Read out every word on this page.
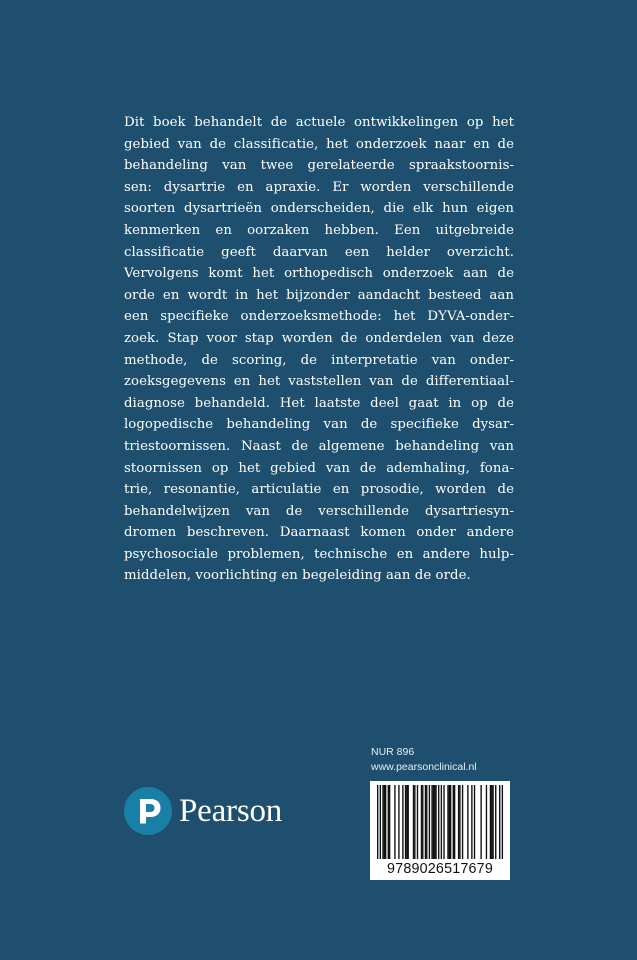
Dit boek behandelt de actuele ontwikkelingen op het
gebied van de classificatie, het onderzoek naar en de
behandeling van twee gerelateerde spraakstoornis-
sen: dysartrie en apraxie. Er worden verschillende
soorten dysartrieën onderscheiden, die elk hun eigen
kenmerken en oorzaken hebben. Een uitgebreide
classificatie geeft daarvan een helder overzicht.
Vervolgens komt het orthopedisch onderzoek aan de
orde en wordt in het bijzonder aandacht besteed aan
een specifieke onderzoeksmethode: het DYVA-onder-
zoek. Stap voor stap worden de onderdelen van deze
methode, de scoring, de interpretatie van onder-
zoeksgegevens en het vaststellen van de differentiaal-
diagnose behandeld. Het laatste deel gaat in op de
logopedische behandeling van de specifieke dysar-
triestoornissen. Naast de algemene behandeling van
stoornissen op het gebied van de ademhaling, fona-
trie, resonantie, articulatie en prosodie, worden de
behandelwijzen van de verschillende dysartriesyn-
dromen beschreven. Daarnaast komen onder andere
psychosociale problemen, technische en andere hulp-
middelen, voorlichting en begeleiding aan de orde.
NUR 896
www.pearsonclinical.nl
Pearson
9789026517679
